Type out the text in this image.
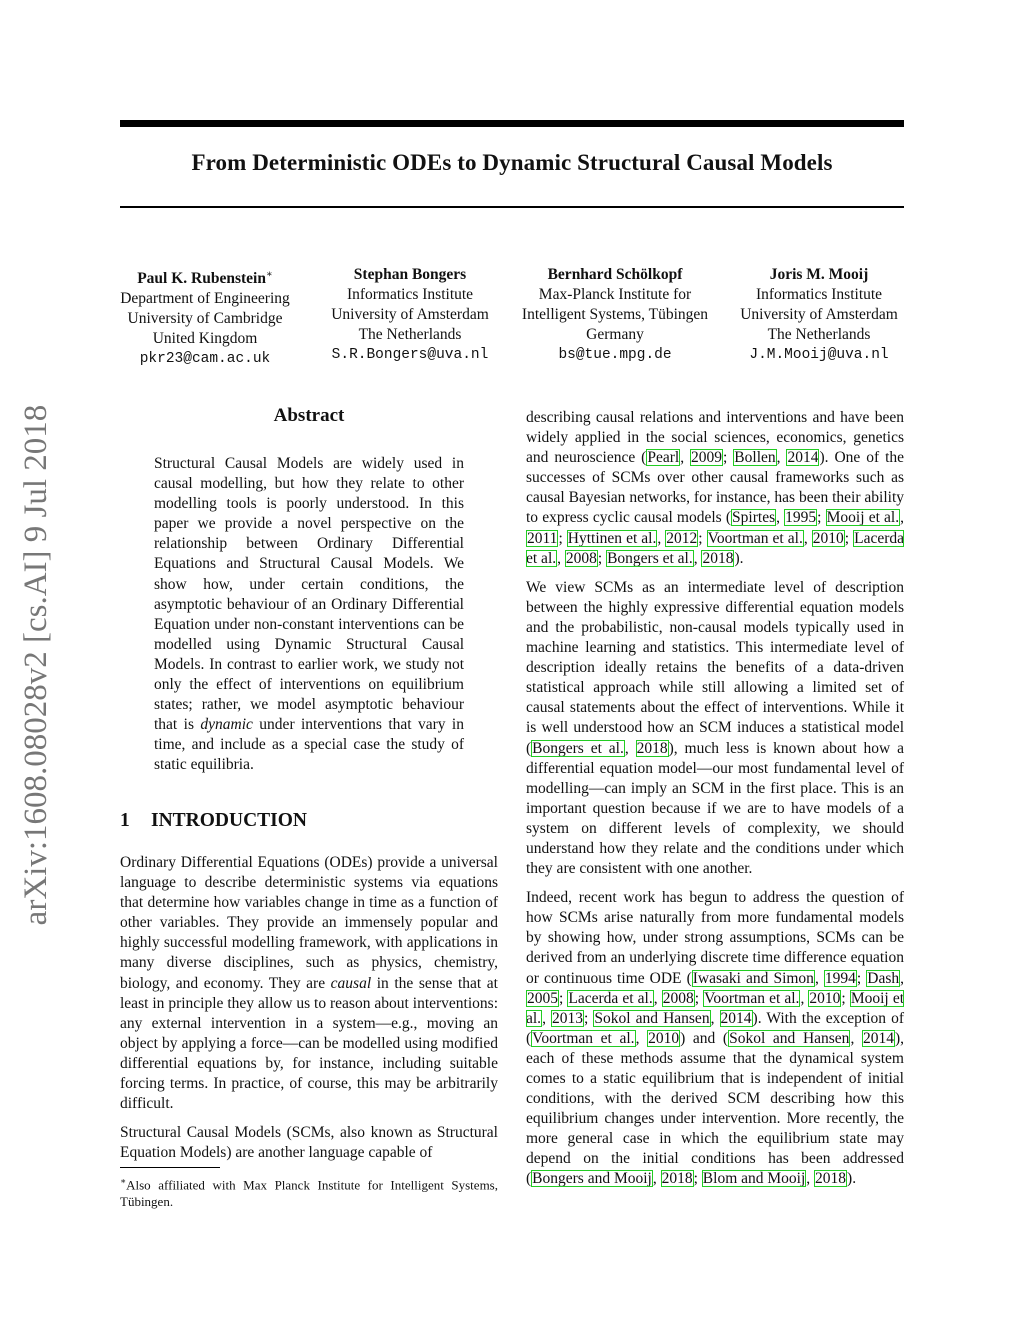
From Deterministic ODEs to Dynamic Structural Causal Models
arXiv:1608.08028v2 [cs.AI] 9 Jul 2018
Paul K. Rubenstein∗
Department of Engineering
University of Cambridge
United Kingdom
pkr23@cam.ac.uk
Stephan Bongers
Informatics Institute
University of Amsterdam
The Netherlands
S.R.Bongers@uva.nl
Bernhard Schölkopf
Max-Planck Institute for
Intelligent Systems, Tübingen
Germany
bs@tue.mpg.de
Joris M. Mooij
Informatics Institute
University of Amsterdam
The Netherlands
J.M.Mooij@uva.nl
Abstract
Structural Causal Models are widely used in causal modelling, but how they relate to other modelling tools is poorly understood. In this paper we provide a novel perspective on the relationship between Ordinary Differential Equations and Structural Causal Models. We show how, under certain conditions, the asymptotic behaviour of an Ordinary Differential Equation under non-constant interventions can be modelled using Dynamic Structural Causal Models. In contrast to earlier work, we study not only the effect of interventions on equilibrium states; rather, we model asymptotic behaviour that is dynamic under interventions that vary in time, and include as a special case the study of static equilibria.
1 INTRODUCTION

Ordinary Differential Equations (ODEs) provide a universal language to describe deterministic systems via equations that determine how variables change in time as a function of other variables. They provide an immensely popular and highly successful modelling framework, with applications in many diverse disciplines, such as physics, chemistry, biology, and economy. They are causal in the sense that at least in principle they allow us to reason about interventions: any external intervention in a system—e.g., moving an object by applying a force—can be modelled using modified differential equations by, for instance, including suitable forcing terms. In practice, of course, this may be arbitrarily difficult.

Structural Causal Models (SCMs, also known as Structural Equation Models) are another language capable of

∗Also affiliated with Max Planck Institute for Intelligent Systems, Tübingen.

describing causal relations and interventions and have been widely applied in the social sciences, economics, genetics and neuroscience (Pearl, 2009; Bollen, 2014). One of the successes of SCMs over other causal frameworks such as causal Bayesian networks, for instance, has been their ability to express cyclic causal models (Spirtes, 1995; Mooij et al., 2011; Hyttinen et al., 2012; Voortman et al., 2010; Lacerda et al., 2008; Bongers et al., 2018).

We view SCMs as an intermediate level of description between the highly expressive differential equation models and the probabilistic, non-causal models typically used in machine learning and statistics. This intermediate level of description ideally retains the benefits of a data-driven statistical approach while still allowing a limited set of causal statements about the effect of interventions. While it is well understood how an SCM induces a statistical model (Bongers et al., 2018), much less is known about how a differential equation model—our most fundamental level of modelling—can imply an SCM in the first place. This is an important question because if we are to have models of a system on different levels of complexity, we should understand how they relate and the conditions under which they are consistent with one another.

Indeed, recent work has begun to address the question of how SCMs arise naturally from more fundamental models by showing how, under strong assumptions, SCMs can be derived from an underlying discrete time difference equation or continuous time ODE (Iwasaki and Simon, 1994; Dash, 2005; Lacerda et al., 2008; Voortman et al., 2010; Mooij et al., 2013; Sokol and Hansen, 2014). With the exception of (Voortman et al., 2010) and (Sokol and Hansen, 2014), each of these methods assume that the dynamical system comes to a static equilibrium that is independent of initial conditions, with the derived SCM describing how this equilibrium changes under intervention. More recently, the more general case in which the equilibrium state may depend on the initial conditions has been addressed (Bongers and Mooij, 2018; Blom and Mooij, 2018).
